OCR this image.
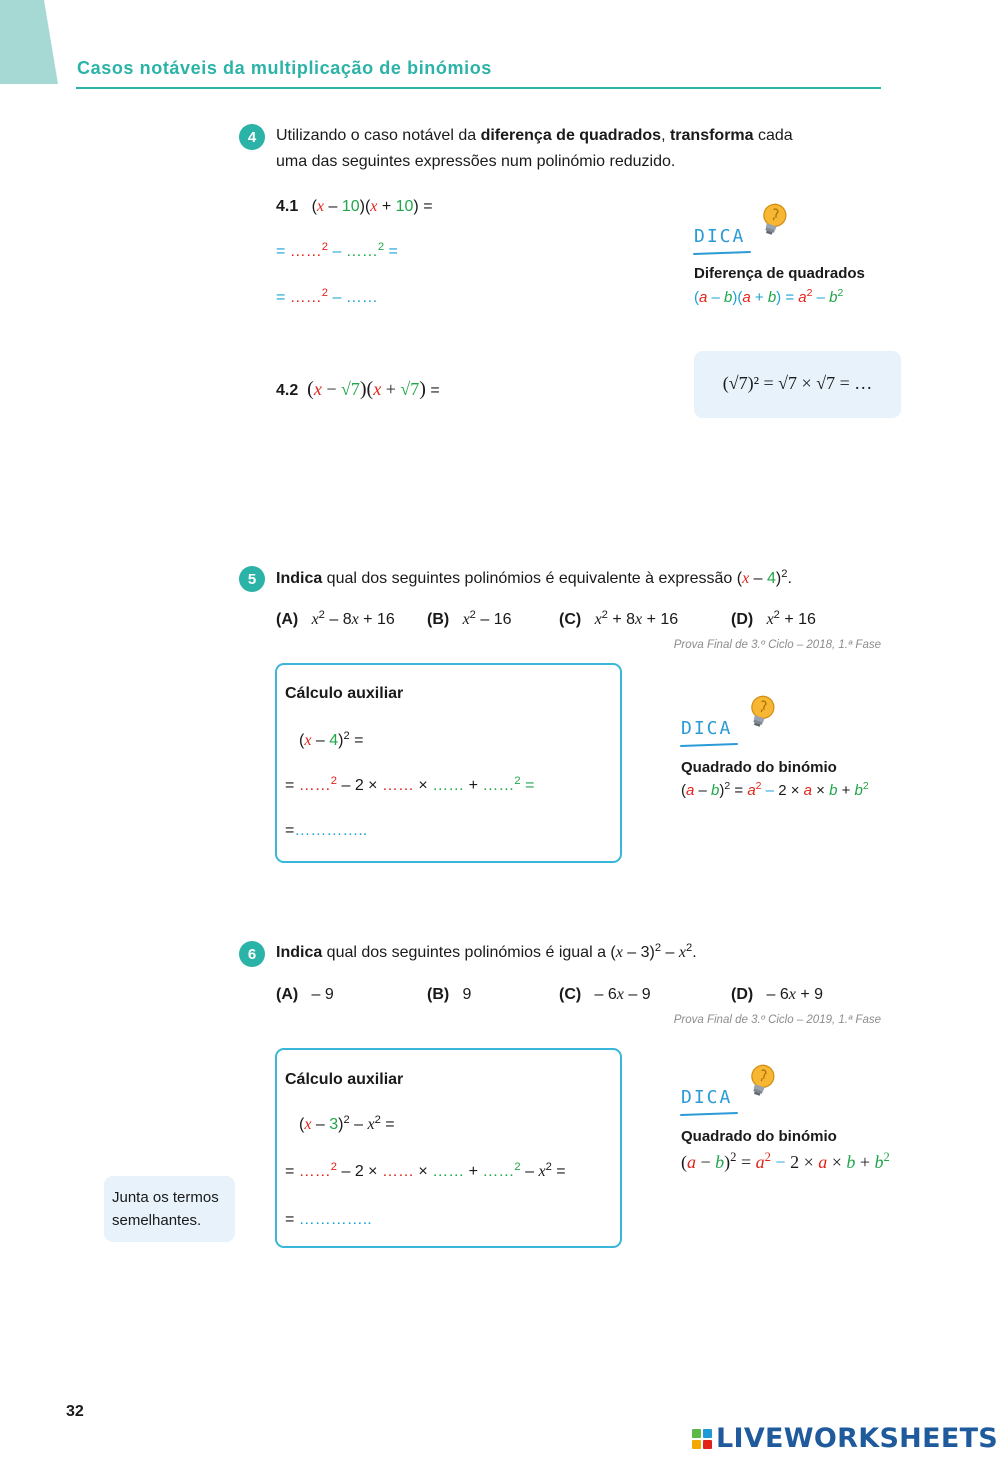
Casos notáveis da multiplicação de binómios
4	Utilizando o caso notável da diferença de quadrados, transforma cada
uma das seguintes expressões num polinómio reduzido.
4.1   (x – 10)(x + 10) =
= ……$^2$ – ……$^2$ =
= ……$^2$ – ……
DICA
Diferença de quadrados
$(a - b)(a + b) = a^2 - b^2$
4.2 (x − √7)(x + √7) =	(√7)² = √7 × √7 = …
5	Indica qual dos seguintes polinómios é equivalente à expressão (x – 4)$^2$.
(A) $x^2 - 8x + 16$ (B) $x^2 - 16$	(C) $x^2 + 8x + 16$	(D) $x^2 + 16$
Prova Final de 3.º Ciclo – 2018, 1.ª Fase
Cálculo auxiliar
(x – 4)$^2$ =
= ……$^2$ – 2 × …… × …… + ……$^2$ =
=…………..
DICA
Quadrado do binómio
$(a - b)^2 = a^2 - 2 \times a \times b + b^2$
6	Indica qual dos seguintes polinómios é igual a $(x - 3)^2 - x^2$.
(A)   – 9	(B)   9	(C)   – 6x – 9	(D)   – 6x + 9
Prova Final de 3.º Ciclo – 2019, 1.ª Fase
Cálculo auxiliar
$(x - 3)^2 - x^2$ =
= ……$^2$ – 2 × …… × …… + ……$^2$ – $x^2$ =
= …………..
Junta os termos semelhantes.
DICA
Quadrado do binómio
$(a - b)^2 = a^2 - 2 \times a \times b + b^2$
32
LIVEWORKSHEETS
